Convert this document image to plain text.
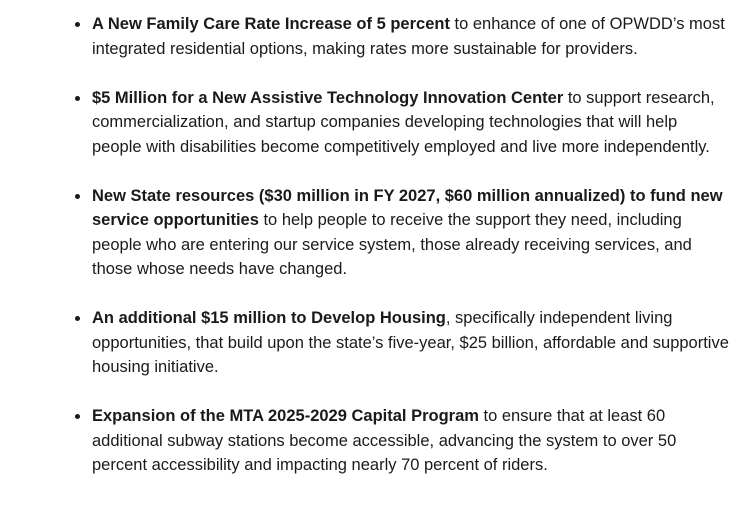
A New Family Care Rate Increase of 5 percent to enhance of one of OPWDD’s most integrated residential options, making rates more sustainable for providers.
$5 Million for a New Assistive Technology Innovation Center to support research, commercialization, and startup companies developing technologies that will help people with disabilities become competitively employed and live more independently.
New State resources ($30 million in FY 2027, $60 million annualized) to fund new service opportunities to help people to receive the support they need, including people who are entering our service system, those already receiving services, and those whose needs have changed.
An additional $15 million to Develop Housing, specifically independent living opportunities, that build upon the state’s five-year, $25 billion, affordable and supportive housing initiative.
Expansion of the MTA 2025-2029 Capital Program to ensure that at least 60 additional subway stations become accessible, advancing the system to over 50 percent accessibility and impacting nearly 70 percent of riders.
